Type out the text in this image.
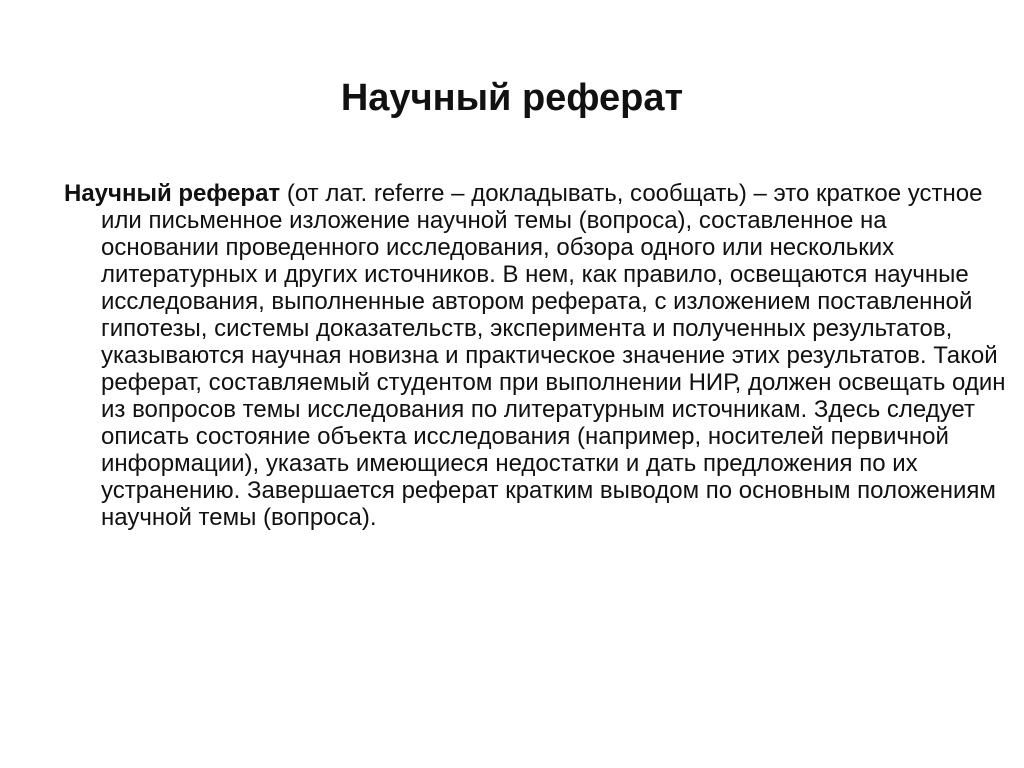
Научный реферат

Научный реферат (от лат. referre – докладывать, сообщать) – это краткое устное или письменное изложение научной темы (вопроса), составленное на основании проведенного исследования, обзора одного или нескольких литературных и других источников. В нем, как правило, освещаются научные исследования, выполненные автором реферата, с изложением поставленной гипотезы, системы доказательств, эксперимента и полученных результатов, указываются научная новизна и практическое значение этих результатов. Такой реферат, составляемый студентом при выполнении НИР, должен освещать один из вопросов темы исследования по литературным источникам. Здесь следует описать состояние объекта исследования (например, носителей первичной информации), указать имеющиеся недостатки и дать предложения по их устранению. Завершается реферат кратким выводом по основным положениям научной темы (вопроса).
